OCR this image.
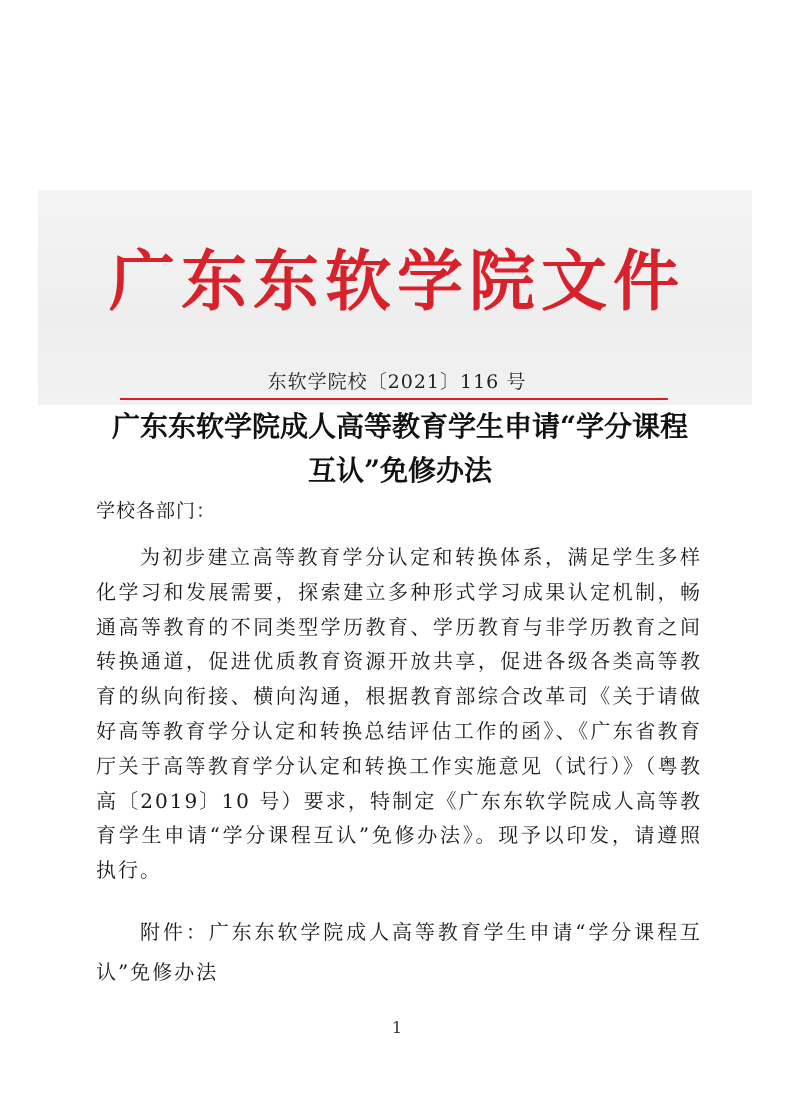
广东东软学院文件
东软学院校〔2021〕116 号
广东东软学院成人高等教育学生申请“学分课程互认”免修办法
学校各部门：

为初步建立高等教育学分认定和转换体系，满足学生多样化学习和发展需要，探索建立多种形式学习成果认定机制，畅通高等教育的不同类型学历教育、学历教育与非学历教育之间转换通道，促进优质教育资源开放共享，促进各级各类高等教育的纵向衔接、横向沟通，根据教育部综合改革司《关于请做好高等教育学分认定和转换总结评估工作的函》、《广东省教育厅关于高等教育学分认定和转换工作实施意见（试行）》（粤教高〔2019〕10 号）要求，特制定《广东东软学院成人高等教育学生申请“学分课程互认”免修办法》。现予以印发，请遵照执行。

附件：广东东软学院成人高等教育学生申请“学分课程互认”免修办法

1
